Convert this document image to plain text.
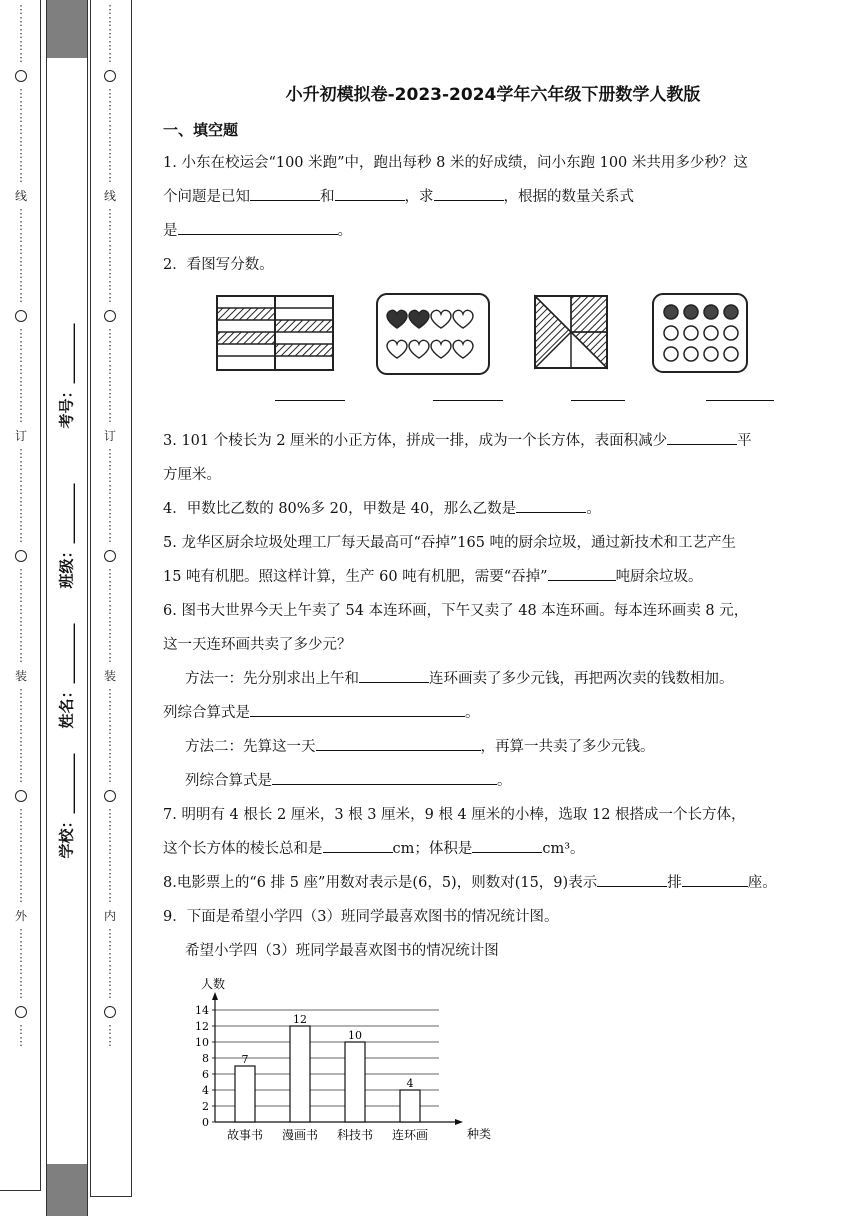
⋮
⋮
⋮
⋮
⋮
⋮
⋮
⋮
⋮
⋮
⋮
⋮
⋮
线
⋮
⋮
⋮
⋮
⋮
⋮
⋮
⋮
⋮
⋮
⋮
⋮
⋮
⋮
⋮
⋮
订
⋮
⋮
⋮
⋮
⋮
⋮
⋮
⋮
⋮
⋮
⋮
⋮
⋮
⋮
⋮
⋮
装
⋮
⋮
⋮
⋮
⋮
⋮
⋮
⋮
⋮
⋮
⋮
⋮
⋮
⋮
⋮
⋮
外
⋮
⋮
⋮
⋮
⋮
⋮
⋮
⋮
考号：________
班级：________
姓名：________
学校：________
⋮
⋮
⋮
⋮
⋮
⋮
⋮
⋮
⋮
⋮
⋮
⋮
⋮
线
⋮
⋮
⋮
⋮
⋮
⋮
⋮
⋮
⋮
⋮
⋮
⋮
⋮
⋮
⋮
⋮
订
⋮
⋮
⋮
⋮
⋮
⋮
⋮
⋮
⋮
⋮
⋮
⋮
⋮
⋮
⋮
⋮
装
⋮
⋮
⋮
⋮
⋮
⋮
⋮
⋮
⋮
⋮
⋮
⋮
⋮
⋮
⋮
⋮
内
⋮
⋮
⋮
⋮
⋮
⋮
⋮
⋮
小升初模拟卷-2023-2024学年六年级下册数学人教版
一、填空题

1. 小东在校运会“100 米跑”中，跑出每秒 8 米的好成绩，问小东跑 100 米共用多少秒？这

个问题是已知	和	，求	，根据的数量关系式

是	。

2．看图写分数。

3. 101 个棱长为 2 厘米的小正方体，拼成一排，成为一个长方体，表面积减少	平

方厘米。

4．甲数比乙数的 80%多 20，甲数是 40，那么乙数是	。

5. 龙华区厨余垃圾处理工厂每天最高可“吞掉”165 吨的厨余垃圾，通过新技术和工艺产生

15 吨有机肥。照这样计算，生产 60 吨有机肥，需要“吞掉”	吨厨余垃圾。

6. 图书大世界今天上午卖了 54 本连环画，下午又卖了 48 本连环画。每本连环画卖 8 元，

这一天连环画共卖了多少元？

方法一：先分别求出上午和	连环画卖了多少元钱，再把两次卖的钱数相加。

列综合算式是	。

方法二：先算这一天	，再算一共卖了多少元钱。

列综合算式是	。

7. 明明有 4 根长 2 厘米，3 根 3 厘米，9 根 4 厘米的小棒，选取 12 根搭成一个长方体，

这个长方体的棱长总和是	cm；体积是	cm³。

8.电影票上的“6 排 5 座”用数对表示是(6，5)，则数对(15，9)表示	排	座。

9．下面是希望小学四（3）班同学最喜欢图书的情况统计图。

希望小学四（3）班同学最喜欢图书的情况统计图

0
2
4
6
8
10
12
14
人数
种类
7
故事书
12
漫画书
10
科技书
4
连环画
